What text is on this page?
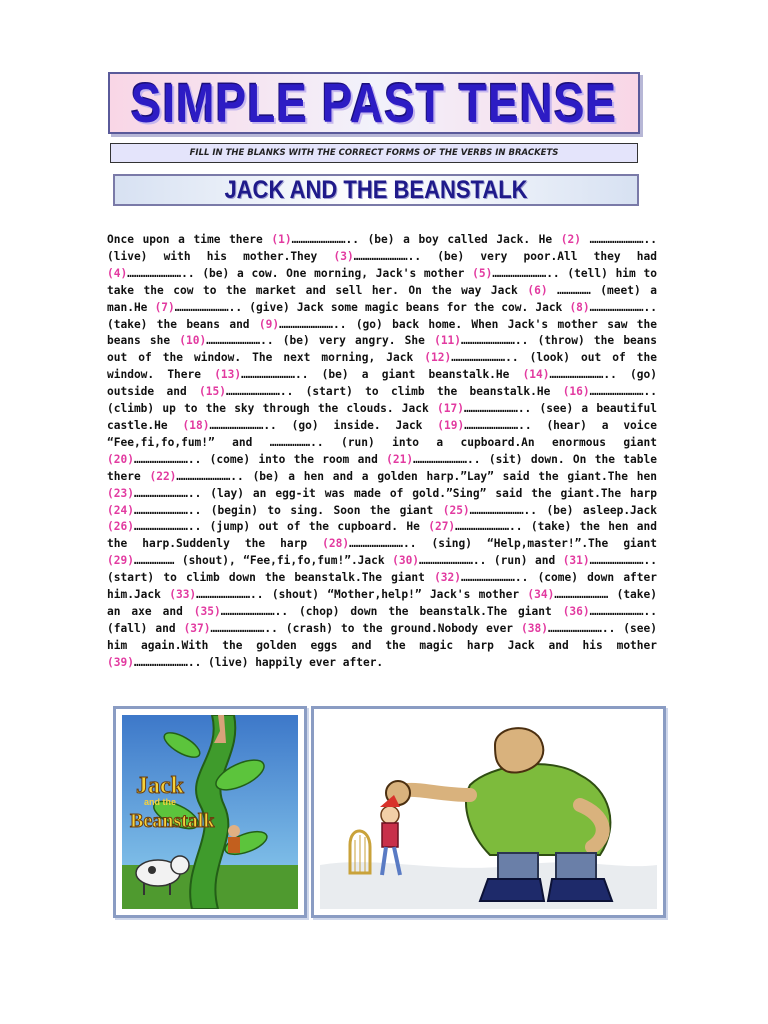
SIMPLE PAST TENSE
FILL IN THE BLANKS WITH THE CORRECT FORMS OF THE VERBS IN BRACKETS
JACK AND THE BEANSTALK

Once upon a time there (1)…………………….. (be) a boy called Jack. He (2) …………………….. (live) with his mother.They (3)…………………….. (be) very poor.All they had (4)…………………….. (be) a cow. One morning, Jack's mother (5)…………………….. (tell) him to take the cow to the market and sell her. On the way Jack (6) …………… (meet) a man.He (7)…………………….. (give) Jack some magic beans for the cow. Jack (8)…………………….. (take) the beans and (9)…………………….. (go) back home. When Jack's mother saw the beans she (10)…………………….. (be) very angry. She (11)…………………….. (throw) the beans out of the window. The next morning, Jack (12)…………………….. (look) out of the window. There (13)…………………….. (be) a giant beanstalk.He (14)…………………….. (go) outside and (15)…………………….. (start) to climb the beanstalk.He (16)…………………….. (climb) up to the sky through the clouds. Jack (17)…………………….. (see) a beautiful castle.He (18)…………………….. (go) inside. Jack (19)…………………….. (hear) a voice “Fee,fi,fo,fum!” and ……………….. (run) into a cupboard.An enormous giant (20)…………………….. (come) into the room and (21)…………………….. (sit) down. On the table there (22)…………………….. (be) a hen and a golden harp.”Lay” said the giant.The hen (23)…………………….. (lay) an egg-it was made of gold.”Sing” said the giant.The harp (24)…………………….. (begin) to sing. Soon the giant (25)…………………….. (be) asleep.Jack (26)…………………….. (jump) out of the cupboard. He (27)…………………….. (take) the hen and the harp.Suddenly the harp (28)…………………….. (sing) “Help,master!”.The giant (29)……………… (shout), “Fee,fi,fo,fum!”.Jack (30)…………………….. (run) and (31)…………………….. (start) to climb down the beanstalk.The giant (32)…………………….. (come) down after him.Jack (33)…………………….. (shout) “Mother,help!” Jack's mother (34)…………………… (take) an axe and (35)…………………….. (chop) down the beanstalk.The giant (36)…………………….. (fall) and (37)…………………….. (crash) to the ground.Nobody ever (38)…………………….. (see) him again.With the golden eggs and the magic harp Jack and his mother (39)…………………….. (live) happily ever after.

Jack
and the
Beanstalk
